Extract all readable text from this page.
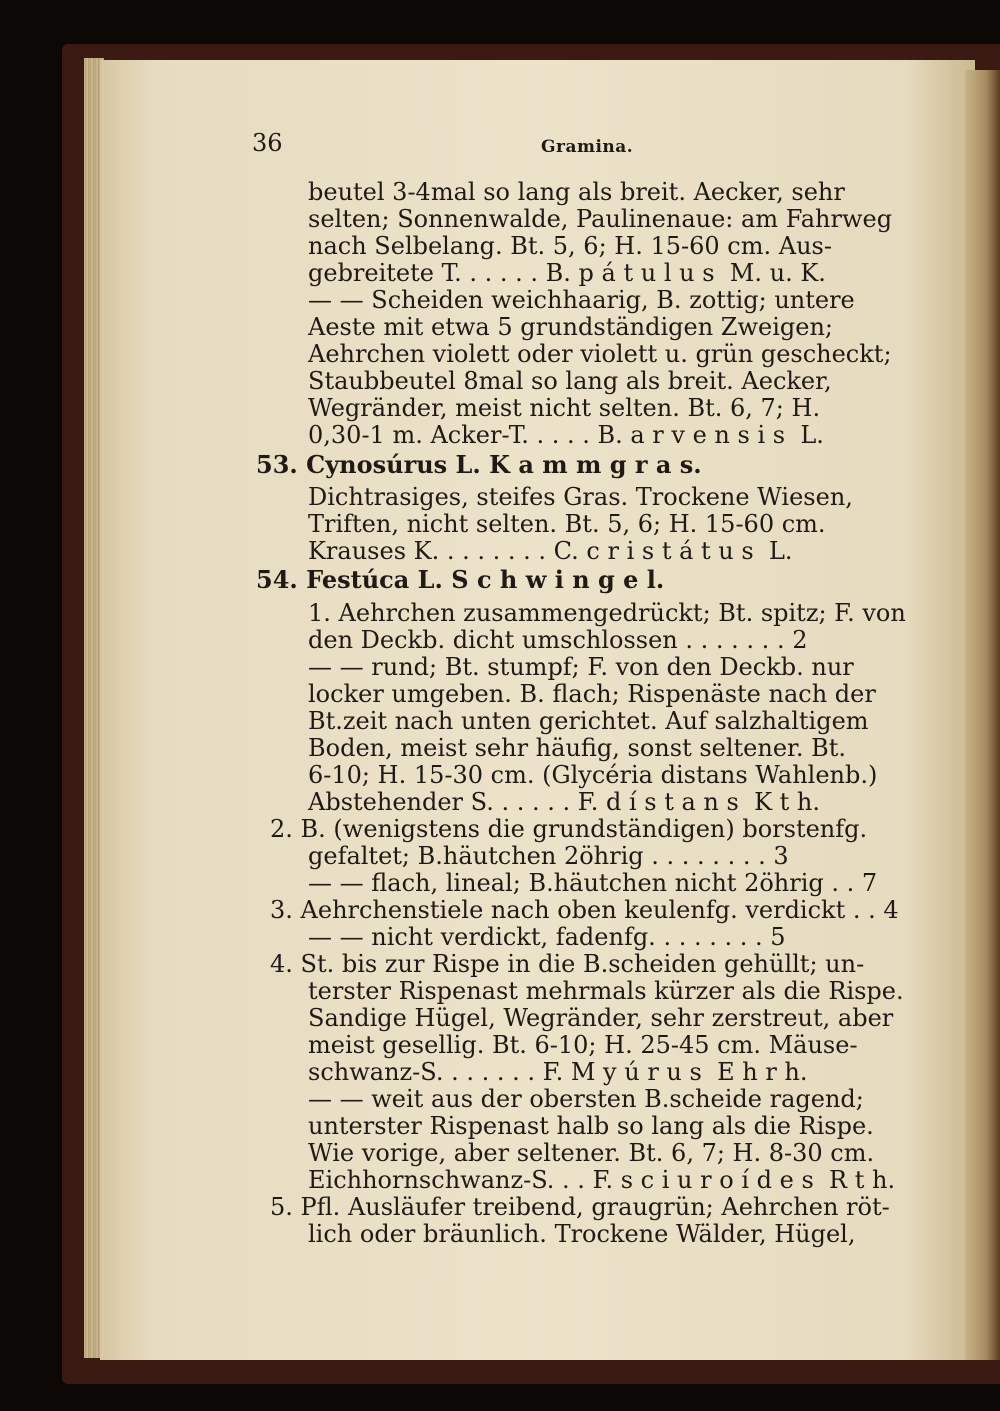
36	Gramina.
beutel 3-4mal so lang als breit. Aecker, sehr
selten; Sonnenwalde, Paulinenaue: am Fahrweg
nach Selbelang. Bt. 5, 6; H. 15-60 cm. Aus-
gebreitete T. . . . . . B. p á t u l u s  M. u. K.
— — Scheiden weichhaarig, B. zottig; untere
Aeste mit etwa 5 grundständigen Zweigen;
Aehrchen violett oder violett u. grün gescheckt;
Staubbeutel 8mal so lang als breit. Aecker,
Wegränder, meist nicht selten. Bt. 6, 7; H.
0,30-1 m. Acker-T. . . . . B. a r v e n s i s  L.
53. Cynosúrus L. K a m m g r a s.
Dichtrasiges, steifes Gras. Trockene Wiesen,
Triften, nicht selten. Bt. 5, 6; H. 15-60 cm.
Krauses K. . . . . . . . C. c r i s t á t u s  L.
54. Festúca L. S c h w i n g e l.
1. Aehrchen zusammengedrückt; Bt. spitz; F. von
den Deckb. dicht umschlossen . . . . . . . 2
— — rund; Bt. stumpf; F. von den Deckb. nur
locker umgeben. B. flach; Rispenäste nach der
Bt.zeit nach unten gerichtet. Auf salzhaltigem
Boden, meist sehr häufig, sonst seltener. Bt.
6-10; H. 15-30 cm. (Glycéria distans Wahlenb.)
Abstehender S. . . . . . F. d í s t a n s  K t h.
2. B. (wenigstens die grundständigen) borstenfg.
gefaltet; B.häutchen 2öhrig . . . . . . . . 3
— — flach, lineal; B.häutchen nicht 2öhrig . . 7
3. Aehrchenstiele nach oben keulenfg. verdickt . . 4
— — nicht verdickt, fadenfg. . . . . . . . 5
4. St. bis zur Rispe in die B.scheiden gehüllt; un-
terster Rispenast mehrmals kürzer als die Rispe.
Sandige Hügel, Wegränder, sehr zerstreut, aber
meist gesellig. Bt. 6-10; H. 25-45 cm. Mäuse-
schwanz-S. . . . . . . F. M y ú r u s  E h r h.
— — weit aus der obersten B.scheide ragend;
unterster Rispenast halb so lang als die Rispe.
Wie vorige, aber seltener. Bt. 6, 7; H. 8-30 cm.
Eichhornschwanz-S. . . F. s c i u r o í d e s  R t h.
5. Pfl. Ausläufer treibend, graugrün; Aehrchen röt-
lich oder bräunlich. Trockene Wälder, Hügel,
